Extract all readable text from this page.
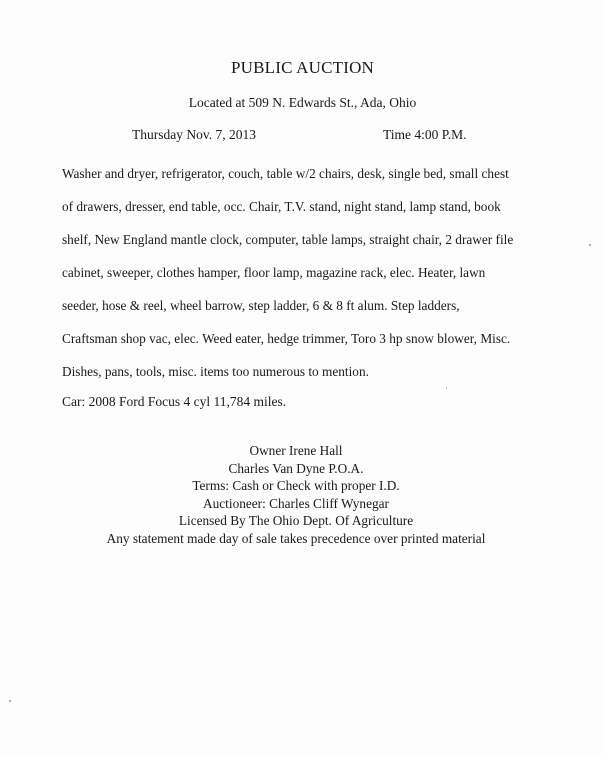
PUBLIC AUCTION
Located at 509 N. Edwards St., Ada, Ohio
Thursday Nov. 7, 2013	Time 4:00 P.M.
Washer and dryer, refrigerator, couch, table w/2 chairs, desk, single bed, small chest
of drawers, dresser, end table, occ. Chair, T.V. stand, night stand, lamp stand, book
shelf, New England mantle clock, computer, table lamps, straight chair, 2 drawer file
cabinet, sweeper, clothes hamper, floor lamp, magazine rack, elec. Heater, lawn
seeder, hose & reel, wheel barrow, step ladder, 6 & 8 ft alum. Step ladders,
Craftsman shop vac, elec. Weed eater, hedge trimmer, Toro 3 hp snow blower, Misc.
Dishes, pans, tools, misc. items too numerous to mention.
Car: 2008 Ford Focus 4 cyl 11,784 miles.
Owner Irene Hall
Charles Van Dyne P.O.A.
Terms: Cash or Check with proper I.D.
Auctioneer: Charles Cliff Wynegar
Licensed By The Ohio Dept. Of Agriculture
Any statement made day of sale takes precedence over printed material
